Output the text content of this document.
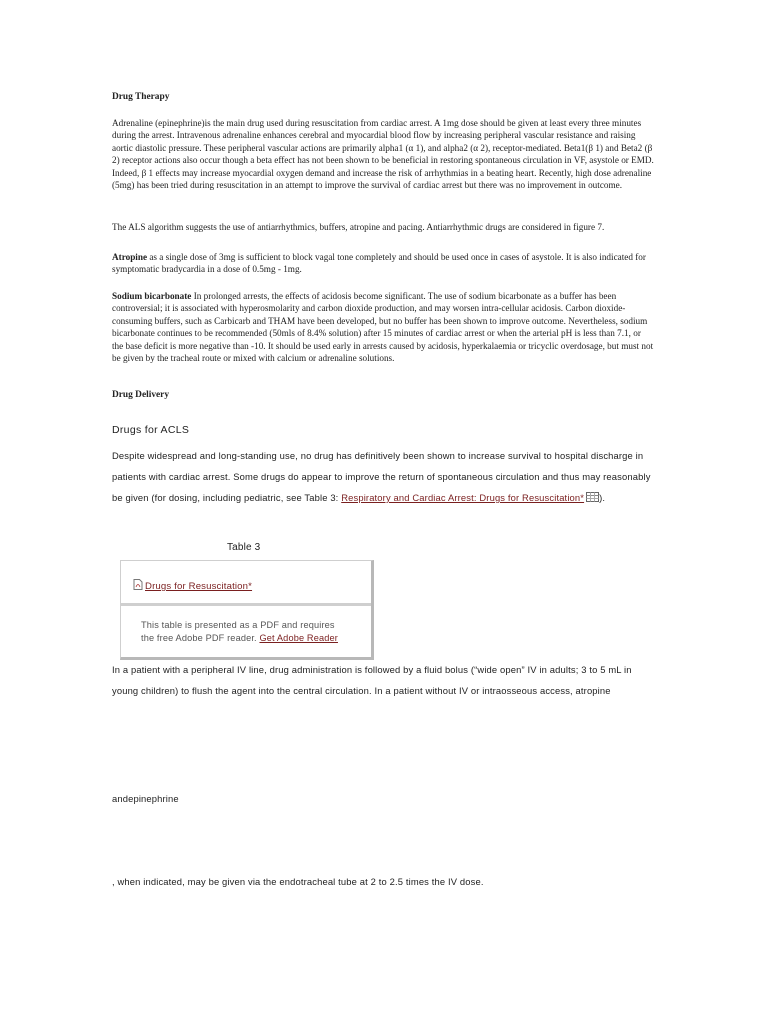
Drug Therapy

Adrenaline (epinephrine)is the main drug used during resuscitation from cardiac arrest. A 1mg dose should be given at least every three minutes during the arrest. Intravenous adrenaline enhances cerebral and myocardial blood flow by increasing peripheral vascular resistance and raising aortic diastolic pressure. These peripheral vascular actions are primarily alpha1 (α 1), and alpha2 (α 2), receptor-mediated. Beta1(β 1) and Beta2 (β 2) receptor actions also occur though a beta effect has not been shown to be beneficial in restoring spontaneous circulation in VF, asystole or EMD. Indeed, β 1 effects may increase myocardial oxygen demand and increase the risk of arrhythmias in a beating heart. Recently, high dose adrenaline (5mg) has been tried during resuscitation in an attempt to improve the survival of cardiac arrest but there was no improvement in outcome.

The ALS algorithm suggests the use of antiarrhythmics, buffers, atropine and pacing. Antiarrhythmic drugs are considered in figure 7.

Atropine as a single dose of 3mg is sufficient to block vagal tone completely and should be used once in cases of asystole. It is also indicated for symptomatic bradycardia in a dose of 0.5mg - 1mg.

Sodium bicarbonate In prolonged arrests, the effects of acidosis become significant. The use of sodium bicarbonate as a buffer has been controversial; it is associated with hyperosmolarity and carbon dioxide production, and may worsen intra-cellular acidosis. Carbon dioxide-consuming buffers, such as Carbicarb and THAM have been developed, but no buffer has been shown to improve outcome. Nevertheless, sodium bicarbonate continues to be recommended (50mls of 8.4% solution) after 15 minutes of cardiac arrest or when the arterial pH is less than 7.1, or the base deficit is more negative than -10. It should be used early in arrests caused by acidosis, hyperkalaemia or tricyclic overdosage, but must not be given by the tracheal route or mixed with calcium or adrenaline solutions.

Drug Delivery
Drugs for ACLS

Despite widespread and long-standing use, no drug has definitively been shown to increase survival to hospital discharge in patients with cardiac arrest. Some drugs do appear to improve the return of spontaneous circulation and thus may reasonably be given (for dosing, including pediatric, see Table 3: Respiratory and Cardiac Arrest: Drugs for Resuscitation* ).

Table 3
Drugs for Resuscitation*
This table is presented as a PDF and requires
the free Adobe PDF reader. Get Adobe Reader

In a patient with a peripheral IV line, drug administration is followed by a fluid bolus (“wide open” IV in adults; 3 to 5 mL in young children) to flush the agent into the central circulation. In a patient without IV or intraosseous access, atropine

andepinephrine

, when indicated, may be given via the endotracheal tube at 2 to 2.5 times the IV dose.
